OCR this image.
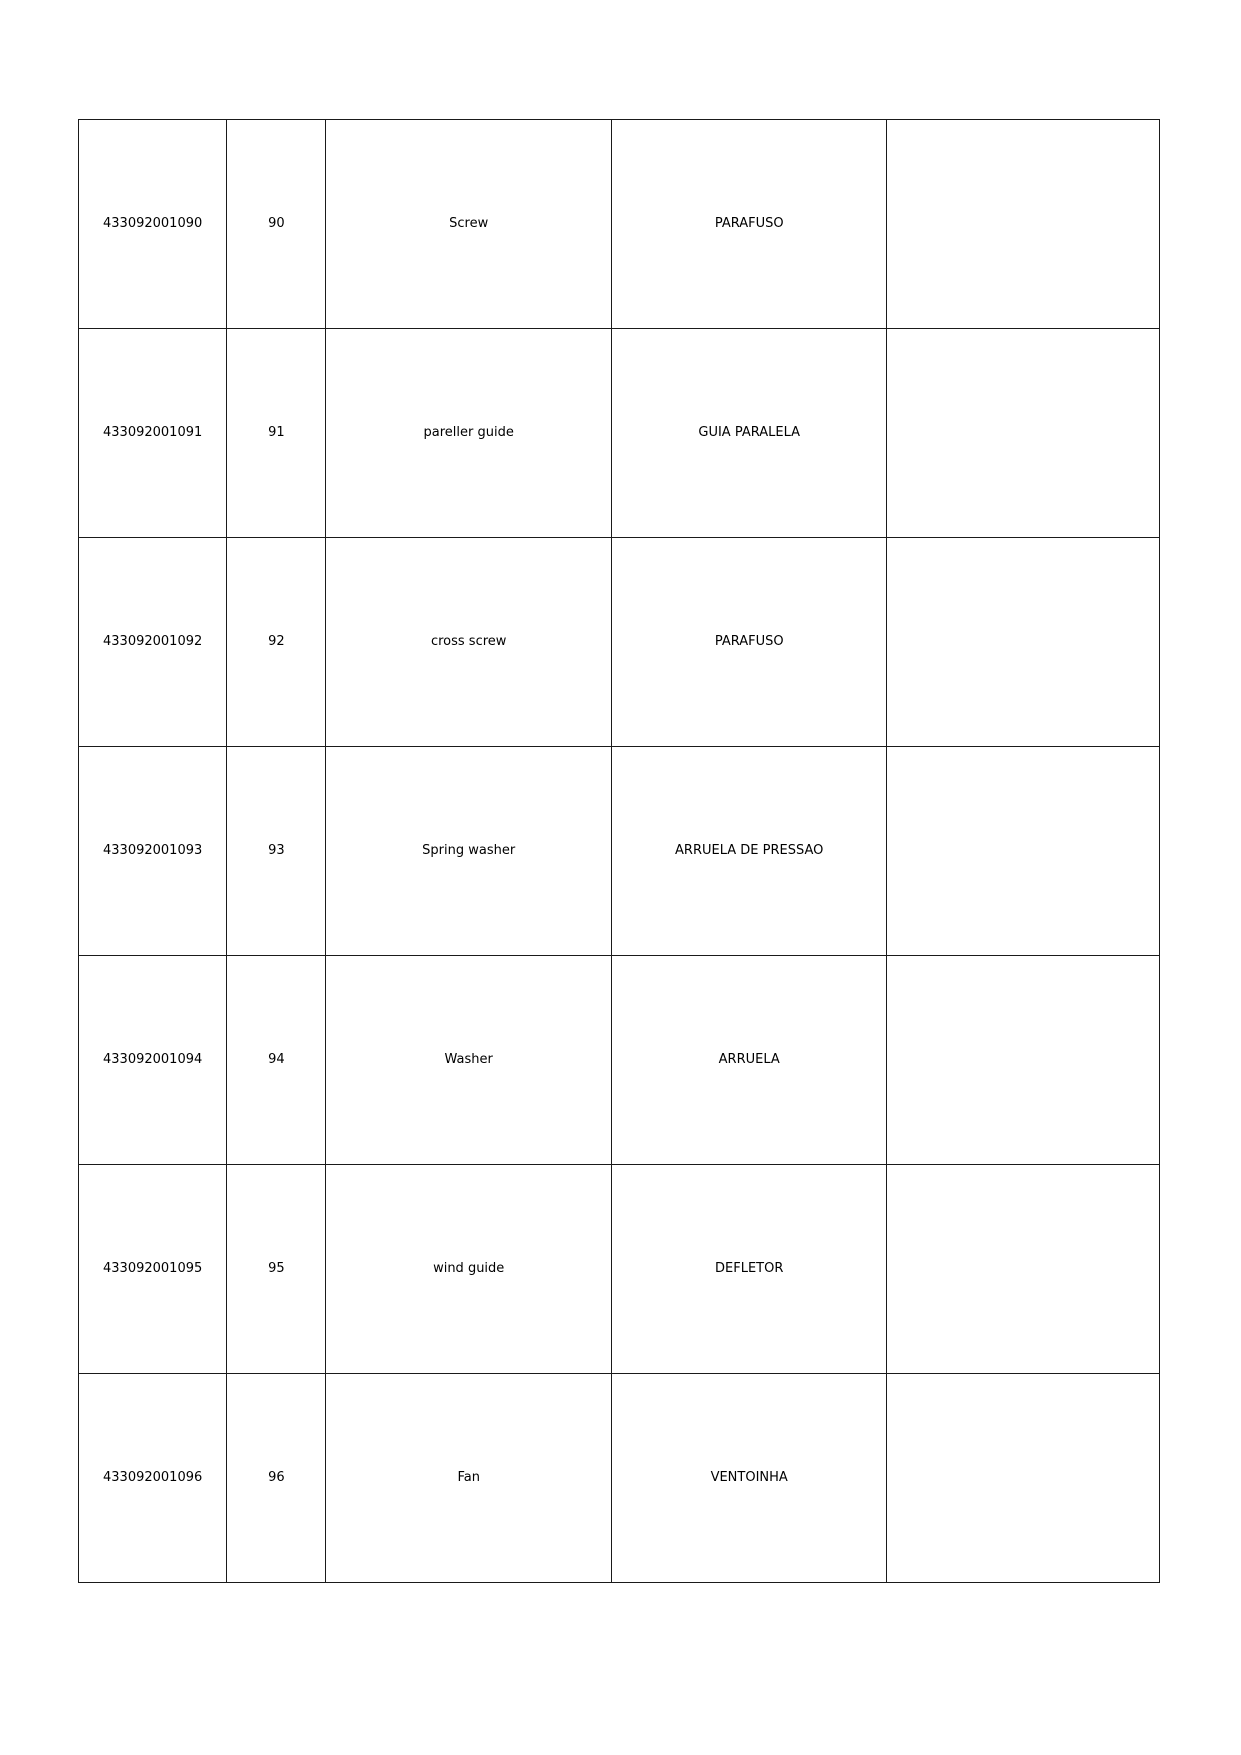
433092001090	90	Screw	PARAFUSO	
433092001091	91	pareller guide	GUIA PARALELA	
433092001092	92	cross screw	PARAFUSO	
433092001093	93	Spring washer	ARRUELA DE PRESSAO	
433092001094	94	Washer	ARRUELA	
433092001095	95	wind guide	DEFLETOR	
433092001096	96	Fan	VENTOINHA	
